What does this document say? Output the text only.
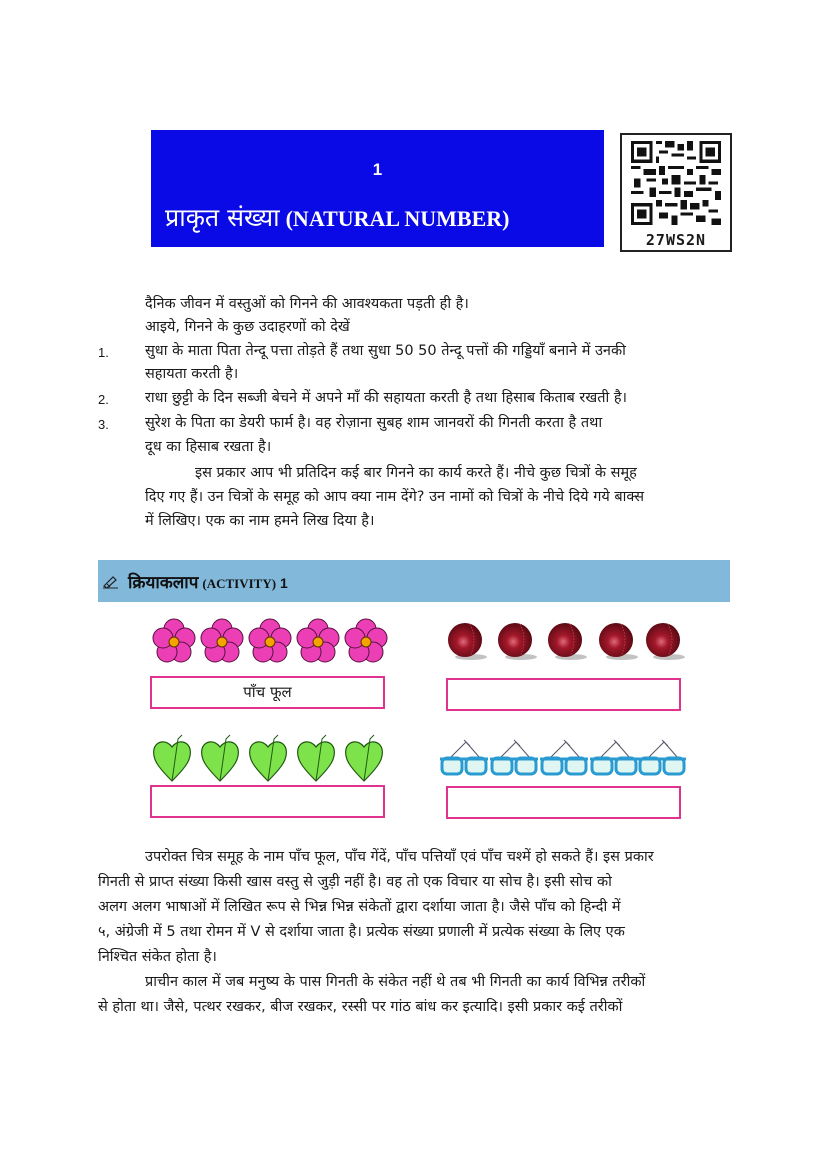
1
प्राकृत संख्या (NATURAL NUMBER)
27WS2N
दैनिक जीवन में वस्तुओं को गिनने की आवश्यकता पड़ती ही है।
आइये, गिनने के कुछ उदाहरणों को देखें
1. सुधा के माता पिता तेन्दू पत्ता तोड़ते हैं तथा सुधा 50 50 तेन्दू पत्तों की गड्डियाँ बनाने में उनकी
सहायता करती है।
2. राधा छुट्टी के दिन सब्जी बेचने में अपने माँ की सहायता करती है तथा हिसाब किताब रखती है।
3. सुरेश के पिता का डेयरी फार्म है। वह रोज़ाना सुबह शाम जानवरों की गिनती करता है तथा
दूध का हिसाब रखता है।
इस प्रकार आप भी प्रतिदिन कई बार गिनने का कार्य करते हैं। नीचे कुछ चित्रों के समूह
दिए गए हैं। उन चित्रों के समूह को आप क्या नाम देंगे? उन नामों को चित्रों के नीचे दिये गये बाक्स
में लिखिए। एक का नाम हमने लिख दिया है।
क्रियाकलाप (ACTIVITY) 1
पाँच फूल
उपरोक्त चित्र समूह के नाम पाँच फूल, पाँच गेंदें, पाँच पत्तियाँ एवं पाँच चश्में हो सकते हैं। इस प्रकार
गिनती से प्राप्त संख्या किसी खास वस्तु से जुड़ी नहीं है। वह तो एक विचार या सोच है। इसी सोच को
अलग अलग भाषाओं में लिखित रूप से भिन्न भिन्न संकेतों द्वारा दर्शाया जाता है। जैसे पाँच को हिन्दी में
५, अंग्रेजी में 5 तथा रोमन में V से दर्शाया जाता है। प्रत्येक संख्या प्रणाली में प्रत्येक संख्या के लिए एक
निश्चित संकेत होता है।
प्राचीन काल में जब मनुष्य के पास गिनती के संकेत नहीं थे तब भी गिनती का कार्य विभिन्न तरीकों
से होता था। जैसे, पत्थर रखकर, बीज रखकर, रस्सी पर गांठ बांध कर इत्यादि। इसी प्रकार कई तरीकों
